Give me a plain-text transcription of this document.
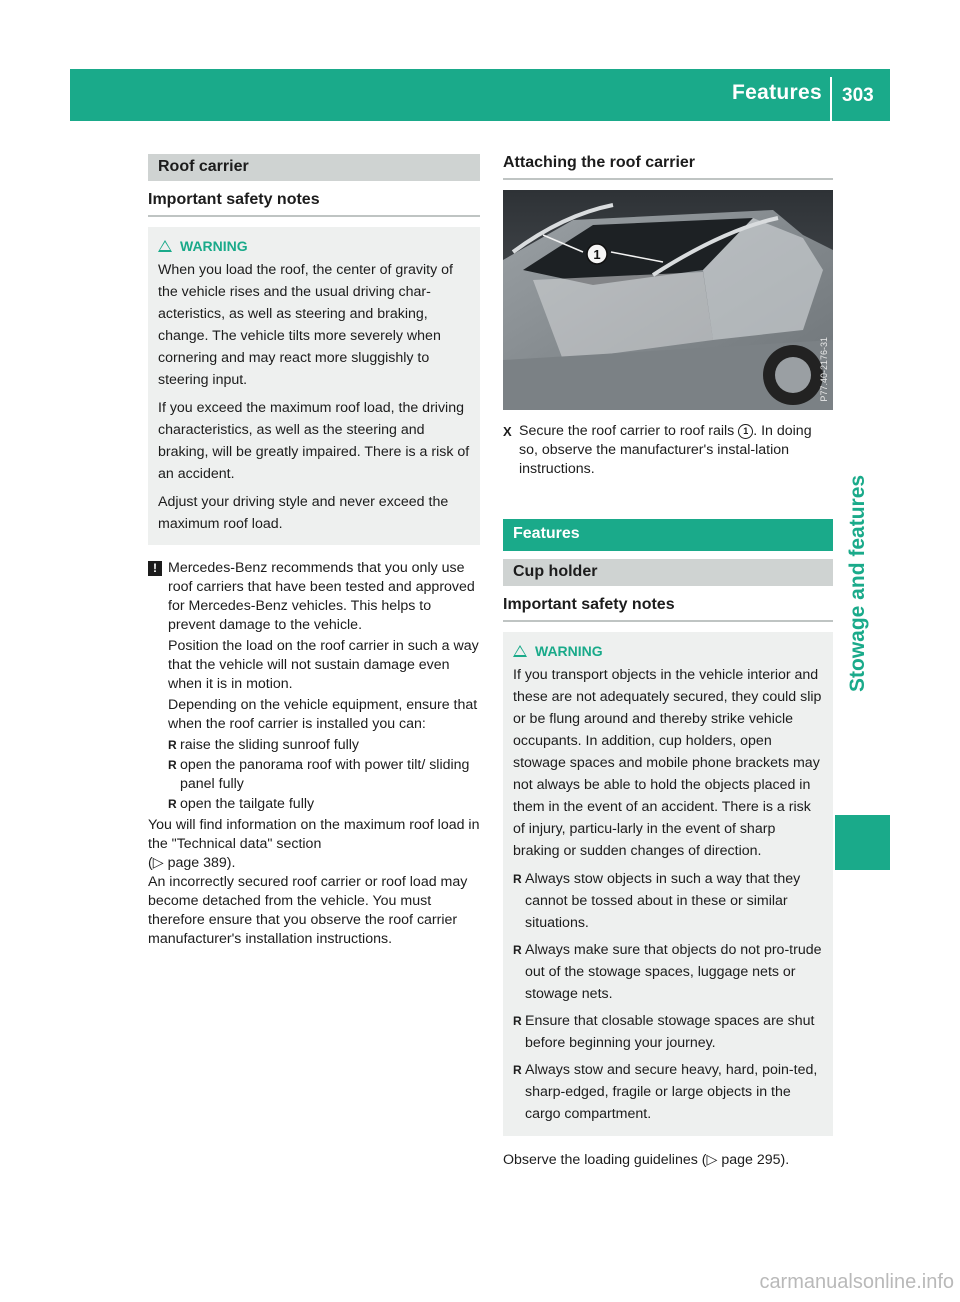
Features 303
Stowage and features
Roof carrier
Important safety notes
WARNING

When you load the roof, the center of gravity of the vehicle rises and the usual driving char-acteristics, as well as steering and braking, change. The vehicle tilts more severely when cornering and may react more sluggishly to steering input.

If you exceed the maximum roof load, the driving characteristics, as well as the steering and braking, will be greatly impaired. There is a risk of an accident.

Adjust your driving style and never exceed the maximum roof load.

! Mercedes-Benz recommends that you only use roof carriers that have been tested and approved for Mercedes-Benz vehicles. This helps to prevent damage to the vehicle.

Position the load on the roof carrier in such a way that the vehicle will not sustain damage even when it is in motion.

Depending on the vehicle equipment, ensure that when the roof carrier is installed you can:

R raise the sliding sunroof fully
R open the panorama roof with power tilt/ sliding panel fully
R open the tailgate fully

You will find information on the maximum roof load in the "Technical data" section

(▷ page 389).

An incorrectly secured roof carrier or roof load may become detached from the vehicle. You must therefore ensure that you observe the roof carrier manufacturer's installation instructions.

Attaching the roof carrier
1
P77.40-2176-31
X Secure the roof carrier to roof rails 1 . In doing so, observe the manufacturer's instal-lation instructions.
Features
Cup holder
Important safety notes
WARNING

If you transport objects in the vehicle interior and these are not adequately secured, they could slip or be flung around and thereby strike vehicle occupants. In addition, cup holders, open stowage spaces and mobile phone brackets may not always be able to hold the objects placed in them in the event of an accident. There is a risk of injury, particu-larly in the event of sharp braking or sudden changes of direction.

R Always stow objects in such a way that they cannot be tossed about in these or similar situations.
R Always make sure that objects do not pro-trude out of the stowage spaces, luggage nets or stowage nets.
R Ensure that closable stowage spaces are shut before beginning your journey.
R Always stow and secure heavy, hard, poin-ted, sharp-edged, fragile or large objects in the cargo compartment.
Observe the loading guidelines (▷ page 295).
carmanualsonline.info
